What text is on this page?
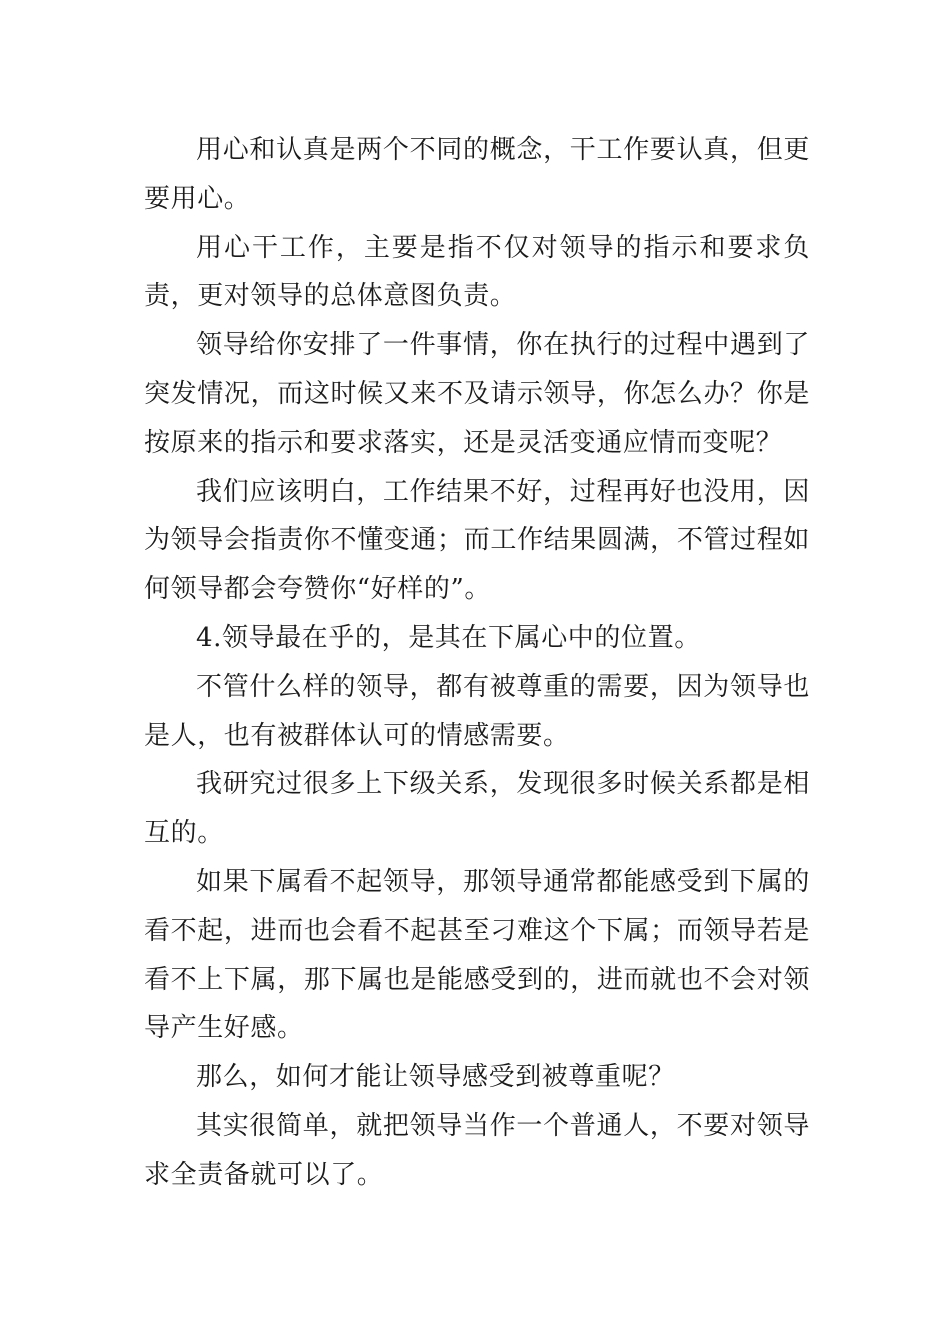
用心和认真是两个不同的概念，干工作要认真，但更要用心。

用心干工作，主要是指不仅对领导的指示和要求负责，更对领导的总体意图负责。

领导给你安排了一件事情，你在执行的过程中遇到了突发情况，而这时候又来不及请示领导，你怎么办？你是按原来的指示和要求落实，还是灵活变通应情而变呢？

我们应该明白，工作结果不好，过程再好也没用，因为领导会指责你不懂变通；而工作结果圆满，不管过程如何领导都会夸赞你“好样的”。

4.领导最在乎的，是其在下属心中的位置。

不管什么样的领导，都有被尊重的需要，因为领导也是人，也有被群体认可的情感需要。

我研究过很多上下级关系，发现很多时候关系都是相互的。

如果下属看不起领导，那领导通常都能感受到下属的看不起，进而也会看不起甚至刁难这个下属；而领导若是看不上下属，那下属也是能感受到的，进而就也不会对领导产生好感。

那么，如何才能让领导感受到被尊重呢？

其实很简单，就把领导当作一个普通人，不要对领导求全责备就可以了。
